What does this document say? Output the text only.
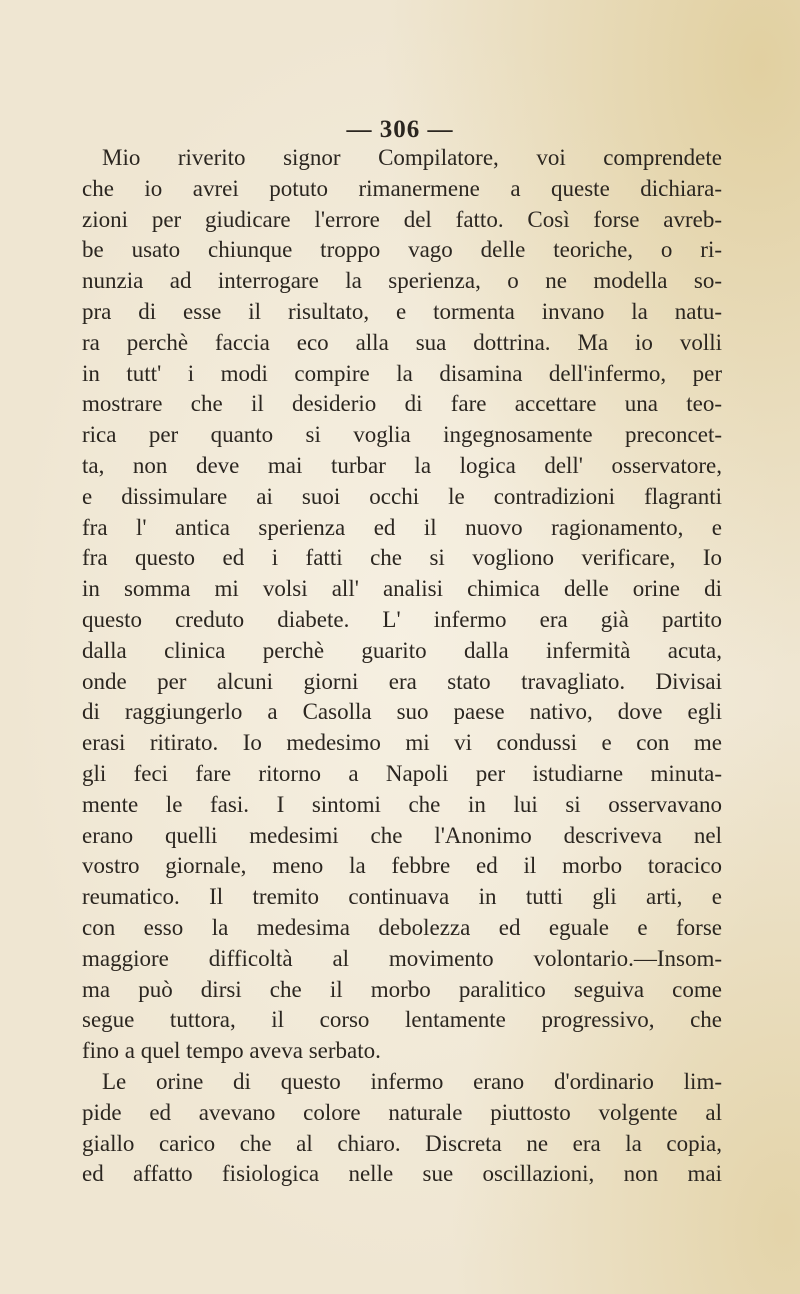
— 306 —
Mio riverito signor Compilatore, voi comprendete
che io avrei potuto rimanermene a queste dichiara-
zioni per giudicare l'errore del fatto. Così forse avreb-
be usato chiunque troppo vago delle teoriche, o ri-
nunzia ad interrogare la sperienza, o ne modella so-
pra di esse il risultato, e tormenta invano la natu-
ra perchè faccia eco alla sua dottrina. Ma io volli
in tutt' i modi compire la disamina dell'infermo, per
mostrare che il desiderio di fare accettare una teo-
rica per quanto si voglia ingegnosamente preconcet-
ta, non deve mai turbar la logica dell' osservatore,
e dissimulare ai suoi occhi le contradizioni flagranti
fra l' antica sperienza ed il nuovo ragionamento, e
fra questo ed i fatti che si vogliono verificare, Io
in somma mi volsi all' analisi chimica delle orine di
questo creduto diabete. L' infermo era già partito
dalla clinica perchè guarito dalla infermità acuta,
onde per alcuni giorni era stato travagliato. Divisai
di raggiungerlo a Casolla suo paese nativo, dove egli
erasi ritirato. Io medesimo mi vi condussi e con me
gli feci fare ritorno a Napoli per istudiarne minuta-
mente le fasi. I sintomi che in lui si osservavano
erano quelli medesimi che l'Anonimo descriveva nel
vostro giornale, meno la febbre ed il morbo toracico
reumatico. Il tremito continuava in tutti gli arti, e
con esso la medesima debolezza ed eguale e forse
maggiore difficoltà al movimento volontario.—Insom-
ma può dirsi che il morbo paralitico seguiva come
segue tuttora, il corso lentamente progressivo, che
fino a quel tempo aveva serbato.
Le orine di questo infermo erano d'ordinario lim-
pide ed avevano colore naturale piuttosto volgente al
giallo carico che al chiaro. Discreta ne era la copia,
ed affatto fisiologica nelle sue oscillazioni, non mai
